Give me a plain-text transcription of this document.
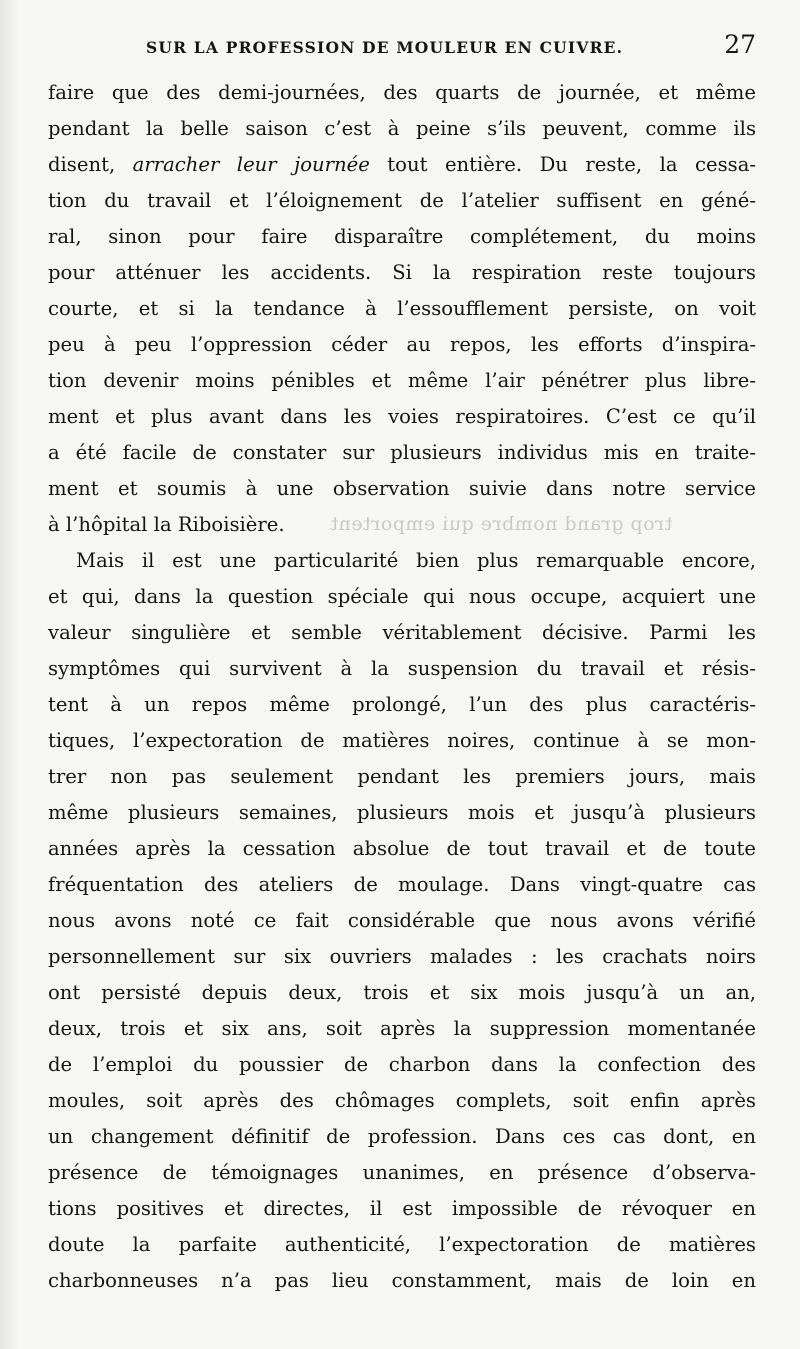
SUR LA PROFESSION DE MOULEUR EN CUIVRE.	27
trop grand nombre qui emportent
faire que des demi-journées, des quarts de journée, et même
pendant la belle saison c’est à peine s’ils peuvent, comme ils
disent, arracher leur journée tout entière. Du reste, la cessa-
tion du travail et l’éloignement de l’atelier suffisent en géné-
ral, sinon pour faire disparaître complétement, du moins
pour atténuer les accidents. Si la respiration reste toujours
courte, et si la tendance à l’essoufflement persiste, on voit
peu à peu l’oppression céder au repos, les efforts d’inspira-
tion devenir moins pénibles et même l’air pénétrer plus libre-
ment et plus avant dans les voies respiratoires. C’est ce qu’il
a été facile de constater sur plusieurs individus mis en traite-
ment et soumis à une observation suivie dans notre service
à l’hôpital la Riboisière.
Mais il est une particularité bien plus remarquable encore,
et qui, dans la question spéciale qui nous occupe, acquiert une
valeur singulière et semble véritablement décisive. Parmi les
symptômes qui survivent à la suspension du travail et résis-
tent à un repos même prolongé, l’un des plus caractéris-
tiques, l’expectoration de matières noires, continue à se mon-
trer non pas seulement pendant les premiers jours, mais
même plusieurs semaines, plusieurs mois et jusqu’à plusieurs
années après la cessation absolue de tout travail et de toute
fréquentation des ateliers de moulage. Dans vingt-quatre cas
nous avons noté ce fait considérable que nous avons vérifié
personnellement sur six ouvriers malades : les crachats noirs
ont persisté depuis deux, trois et six mois jusqu’à un an,
deux, trois et six ans, soit après la suppression momentanée
de l’emploi du poussier de charbon dans la confection des
moules, soit après des chômages complets, soit enfin après
un changement définitif de profession. Dans ces cas dont, en
présence de témoignages unanimes, en présence d’observa-
tions positives et directes, il est impossible de révoquer en
doute la parfaite authenticité, l’expectoration de matières
charbonneuses n’a pas lieu constamment, mais de loin en
